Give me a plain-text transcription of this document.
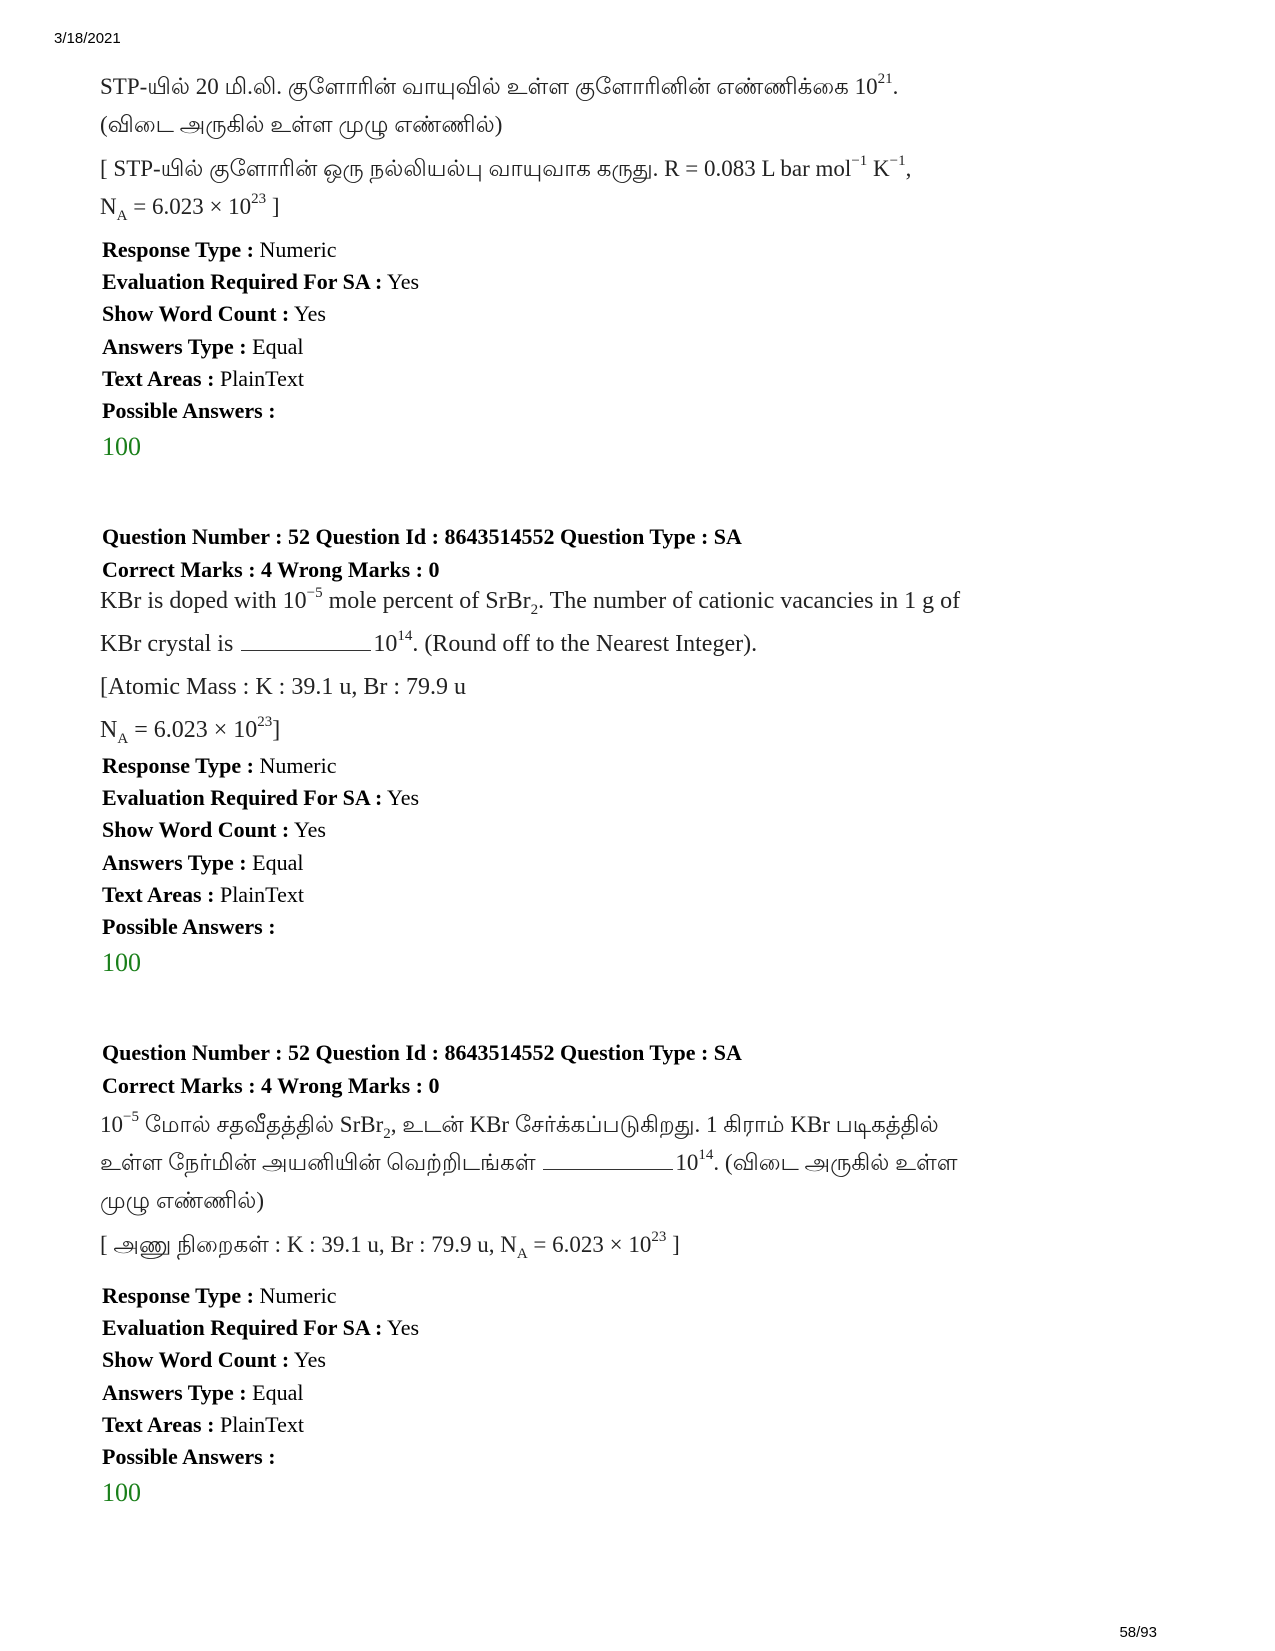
3/18/2021
STP-யில் 20 மி.லி. குளோரின் வாயுவில் உள்ள குளோரினின் எண்ணிக்கை $10^{21}$.
(விடை அருகில் உள்ள முழு எண்ணில்)
[ STP-யில் குளோரின் ஒரு நல்லியல்பு வாயுவாக கருது. R = 0.083 L bar mol$^{-1}$ $K^{-1}$,
$N_A = 6.023 \times 10^{23}$ ]
Response Type : Numeric
Evaluation Required For SA : Yes
Show Word Count : Yes
Answers Type : Equal
Text Areas : PlainText
Possible Answers :
100
Question Number : 52 Question Id : 8643514552 Question Type : SA
Correct Marks : 4 Wrong Marks : 0
KBr is doped with $10^{-5}$ mole percent of SrBr$_2$. The number of cationic vacancies in 1 g of
KBr crystal is	$10^{14}$. (Round off to the Nearest Integer).
[Atomic Mass : K : 39.1 u, Br : 79.9 u
$N_A = 6.023 \times 10^{23}$]
Response Type : Numeric
Evaluation Required For SA : Yes
Show Word Count : Yes
Answers Type : Equal
Text Areas : PlainText
Possible Answers :
100
Question Number : 52 Question Id : 8643514552 Question Type : SA
Correct Marks : 4 Wrong Marks : 0
$10^{-5}$ மோல் சதவீதத்தில் SrBr$_2$, உடன் KBr சேர்க்கப்படுகிறது. 1 கிராம் KBr படிகத்தில்
உள்ள நேர்மின் அயனியின் வெற்றிடங்கள்	$10^{14}$. (விடை அருகில் உள்ள
முழு எண்ணில்)
[ அணு நிறைகள் : K : 39.1 u, Br : 79.9 u, $N_A = 6.023 \times 10^{23}$ ]
Response Type : Numeric
Evaluation Required For SA : Yes
Show Word Count : Yes
Answers Type : Equal
Text Areas : PlainText
Possible Answers :
100
58/93
